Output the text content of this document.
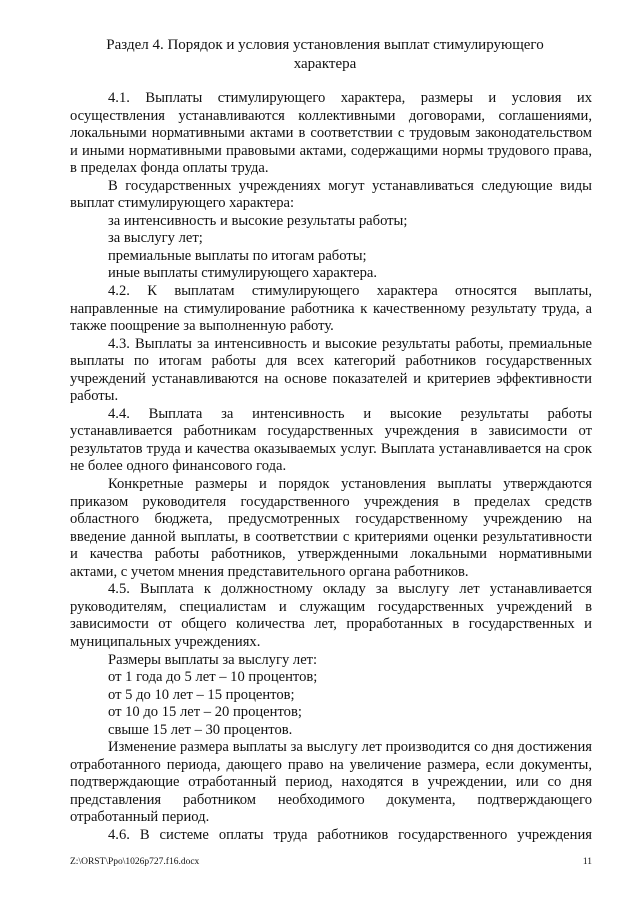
Раздел 4. Порядок и условия установления выплат стимулирующего
характера

4.1. Выплаты стимулирующего характера, размеры и условия их осуществления устанавливаются коллективными договорами, соглашениями, локальными нормативными актами в соответствии с трудовым законодательством и иными нормативными правовыми актами, содержащими нормы трудового права, в пределах фонда оплаты труда.

В государственных учреждениях могут устанавливаться следующие виды выплат стимулирующего характера:

за интенсивность и высокие результаты работы;

за выслугу лет;

премиальные выплаты по итогам работы;

иные выплаты стимулирующего характера.

4.2. К выплатам стимулирующего характера относятся выплаты, направленные на стимулирование работника к качественному результату труда, а также поощрение за выполненную работу.

4.3. Выплаты за интенсивность и высокие результаты работы, премиальные выплаты по итогам работы для всех категорий работников государственных учреждений устанавливаются на основе показателей и критериев эффективности работы.

4.4. Выплата за интенсивность и высокие результаты работы устанавливается работникам государственных учреждения в зависимости от результатов труда и качества оказываемых услуг. Выплата устанавливается на срок не более одного финансового года.

Конкретные размеры и порядок установления выплаты утверждаются приказом руководителя государственного учреждения в пределах средств областного бюджета, предусмотренных государственному учреждению на введение данной выплаты, в соответствии с критериями оценки результативности и качества работы работников, утвержденными локальными нормативными актами, с учетом мнения представительного органа работников.

4.5. Выплата к должностному окладу за выслугу лет устанавливается руководителям, специалистам и служащим государственных учреждений в зависимости от общего количества лет, проработанных в государственных и муниципальных учреждениях.

Размеры выплаты за выслугу лет:

от 1 года до 5 лет – 10 процентов;

от 5 до 10 лет – 15 процентов;

от 10 до 15 лет – 20 процентов;

свыше 15 лет – 30 процентов.

Изменение размера выплаты за выслугу лет производится со дня достижения отработанного периода, дающего право на увеличение размера, если документы, подтверждающие отработанный период, находятся в учреждении, или со дня представления работником необходимого документа, подтверждающего отработанный период.

4.6. В системе оплаты труда работников государственного учреждения

Z:\ORST\Ppo\1026p727.f16.docx	11
